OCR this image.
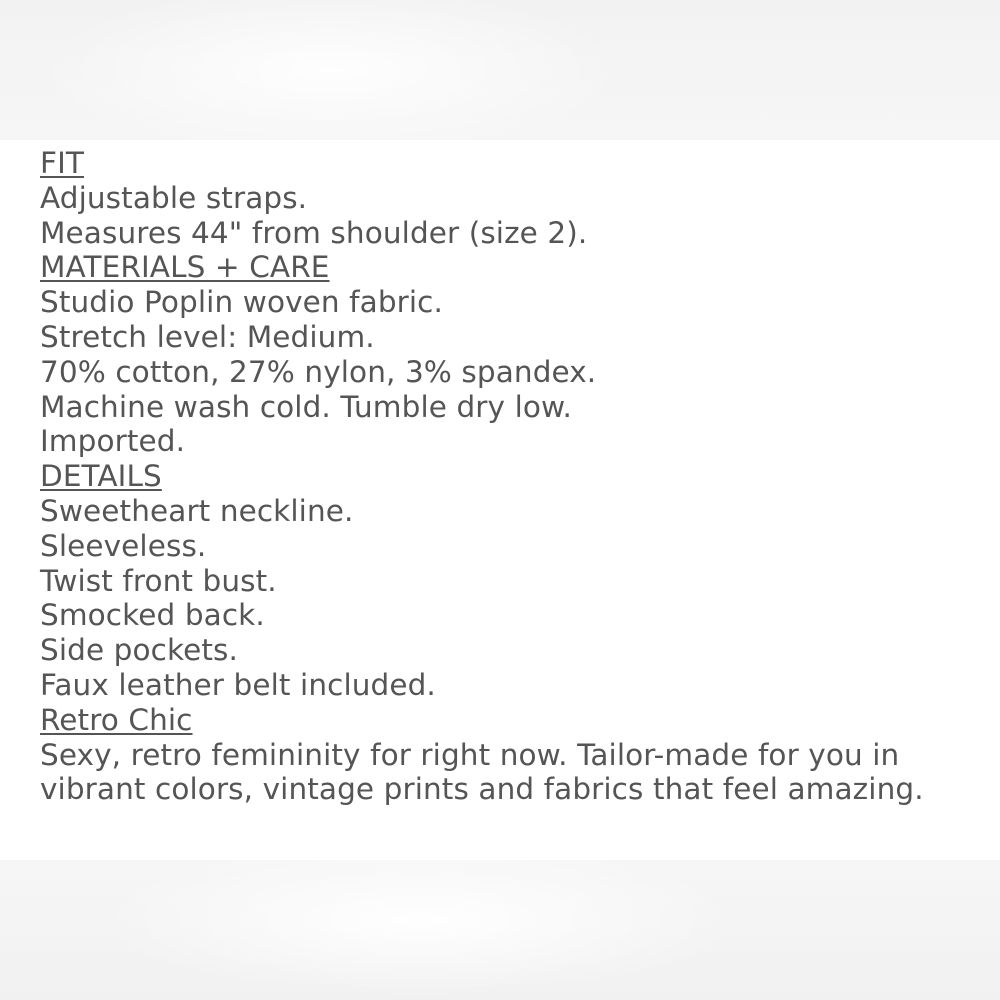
FIT
Adjustable straps.
Measures 44" from shoulder (size 2).
MATERIALS + CARE
Studio Poplin woven fabric.
Stretch level: Medium.
70% cotton, 27% nylon, 3% spandex.
Machine wash cold. Tumble dry low.
Imported.
DETAILS
Sweetheart neckline.
Sleeveless.
Twist front bust.
Smocked back.
Side pockets.
Faux leather belt included.
Retro Chic
Sexy, retro femininity for right now. Tailor-made for you in vibrant colors, vintage prints and fabrics that feel amazing.
